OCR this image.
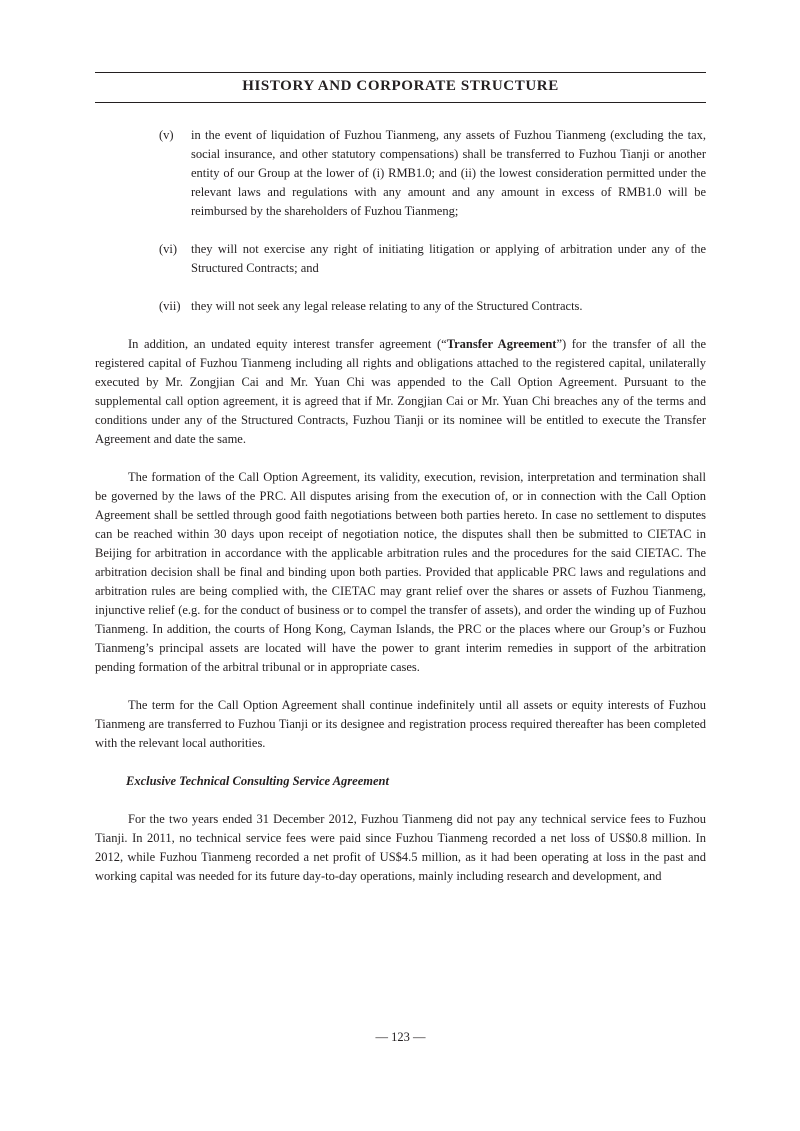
HISTORY AND CORPORATE STRUCTURE

(v) in the event of liquidation of Fuzhou Tianmeng, any assets of Fuzhou Tianmeng (excluding the tax, social insurance, and other statutory compensations) shall be transferred to Fuzhou Tianji or another entity of our Group at the lower of (i) RMB1.0; and (ii) the lowest consideration permitted under the relevant laws and regulations with any amount and any amount in excess of RMB1.0 will be reimbursed by the shareholders of Fuzhou Tianmeng;

(vi) they will not exercise any right of initiating litigation or applying of arbitration under any of the Structured Contracts; and

(vii) they will not seek any legal release relating to any of the Structured Contracts.

In addition, an undated equity interest transfer agreement (“Transfer Agreement”) for the transfer of all the registered capital of Fuzhou Tianmeng including all rights and obligations attached to the registered capital, unilaterally executed by Mr. Zongjian Cai and Mr. Yuan Chi was appended to the Call Option Agreement. Pursuant to the supplemental call option agreement, it is agreed that if Mr. Zongjian Cai or Mr. Yuan Chi breaches any of the terms and conditions under any of the Structured Contracts, Fuzhou Tianji or its nominee will be entitled to execute the Transfer Agreement and date the same.

The formation of the Call Option Agreement, its validity, execution, revision, interpretation and termination shall be governed by the laws of the PRC. All disputes arising from the execution of, or in connection with the Call Option Agreement shall be settled through good faith negotiations between both parties hereto. In case no settlement to disputes can be reached within 30 days upon receipt of negotiation notice, the disputes shall then be submitted to CIETAC in Beijing for arbitration in accordance with the applicable arbitration rules and the procedures for the said CIETAC. The arbitration decision shall be final and binding upon both parties. Provided that applicable PRC laws and regulations and arbitration rules are being complied with, the CIETAC may grant relief over the shares or assets of Fuzhou Tianmeng, injunctive relief (e.g. for the conduct of business or to compel the transfer of assets), and order the winding up of Fuzhou Tianmeng. In addition, the courts of Hong Kong, Cayman Islands, the PRC or the places where our Group’s or Fuzhou Tianmeng’s principal assets are located will have the power to grant interim remedies in support of the arbitration pending formation of the arbitral tribunal or in appropriate cases.

The term for the Call Option Agreement shall continue indefinitely until all assets or equity interests of Fuzhou Tianmeng are transferred to Fuzhou Tianji or its designee and registration process required thereafter has been completed with the relevant local authorities.

Exclusive Technical Consulting Service Agreement

For the two years ended 31 December 2012, Fuzhou Tianmeng did not pay any technical service fees to Fuzhou Tianji. In 2011, no technical service fees were paid since Fuzhou Tianmeng recorded a net loss of US$0.8 million. In 2012, while Fuzhou Tianmeng recorded a net profit of US$4.5 million, as it had been operating at loss in the past and working capital was needed for its future day-to-day operations, mainly including research and development, and

— 123 —
